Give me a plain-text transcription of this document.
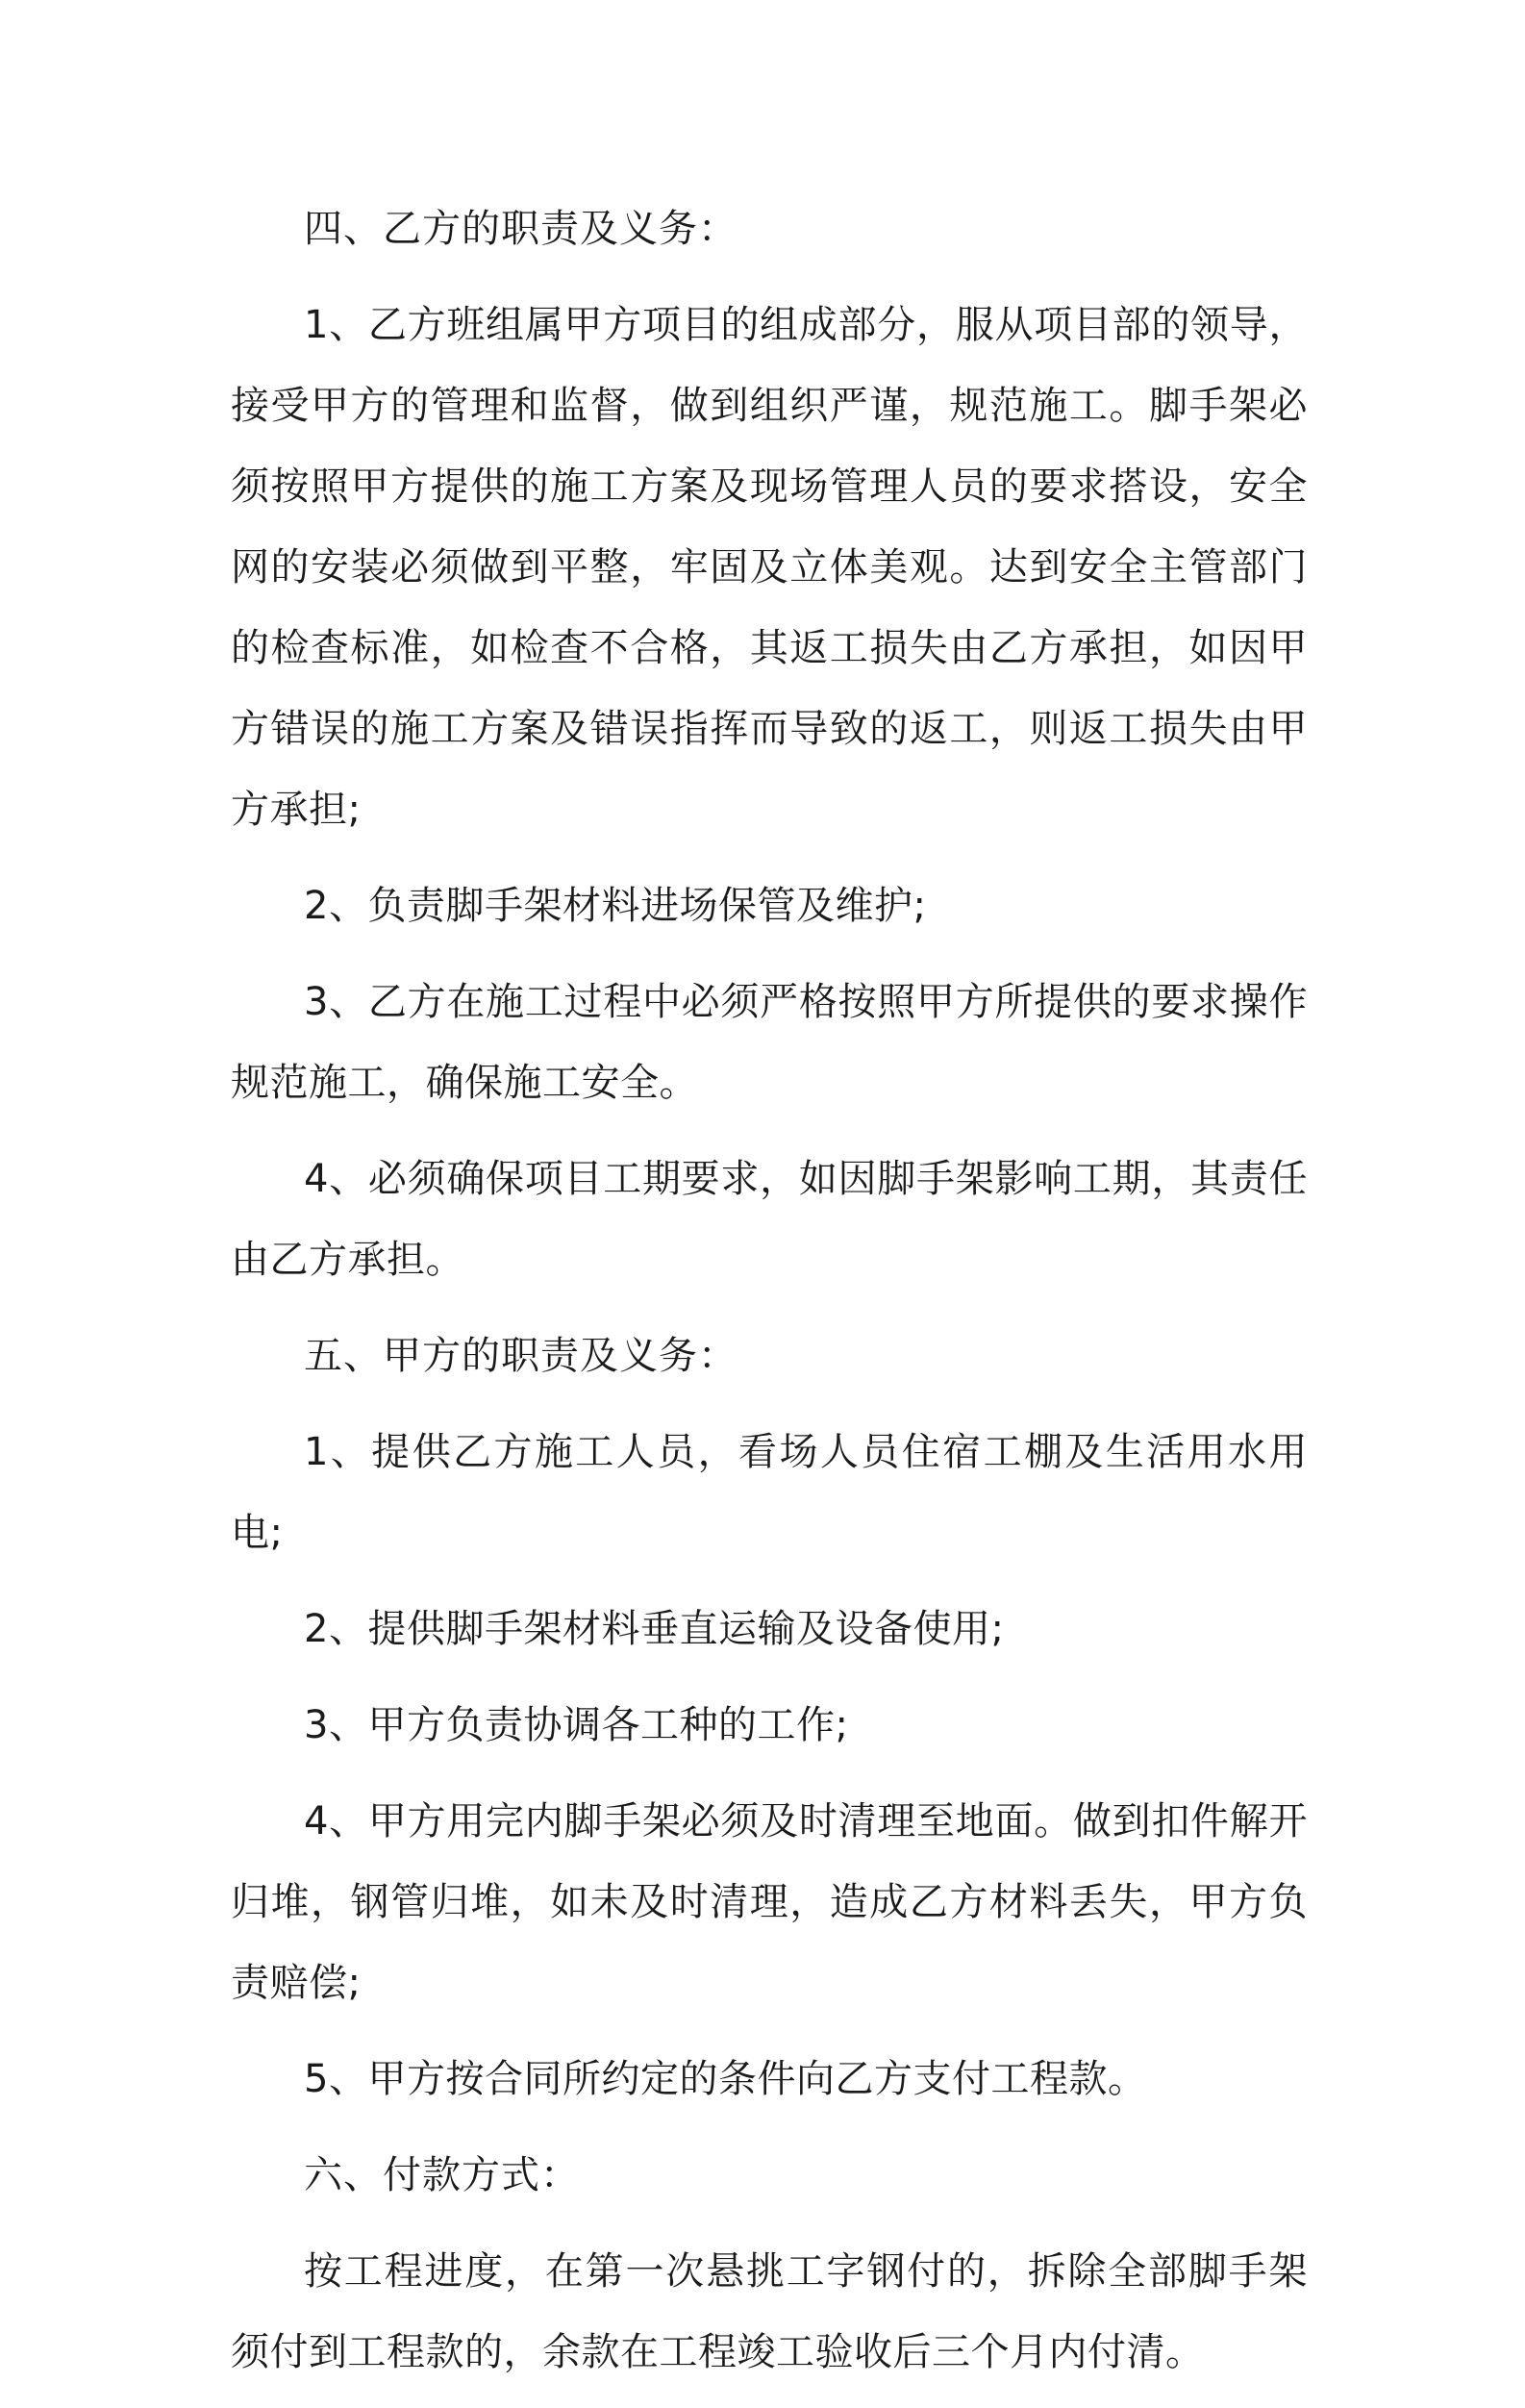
四、乙方的职责及义务：

1、乙方班组属甲方项目的组成部分，服从项目部的领导，接受甲方的管理和监督，做到组织严谨，规范施工。脚手架必须按照甲方提供的施工方案及现场管理人员的要求搭设，安全网的安装必须做到平整，牢固及立体美观。达到安全主管部门的检查标准，如检查不合格，其返工损失由乙方承担，如因甲方错误的施工方案及错误指挥而导致的返工，则返工损失由甲方承担;

2、负责脚手架材料进场保管及维护;

3、乙方在施工过程中必须严格按照甲方所提供的要求操作规范施工，确保施工安全。

4、必须确保项目工期要求，如因脚手架影响工期，其责任由乙方承担。

五、甲方的职责及义务：

1、提供乙方施工人员，看场人员住宿工棚及生活用水用电;

2、提供脚手架材料垂直运输及设备使用;

3、甲方负责协调各工种的工作;

4、甲方用完内脚手架必须及时清理至地面。做到扣件解开归堆，钢管归堆，如未及时清理，造成乙方材料丢失，甲方负责赔偿;

5、甲方按合同所约定的条件向乙方支付工程款。

六、付款方式：

按工程进度，在第一次悬挑工字钢付的，拆除全部脚手架须付到工程款的，余款在工程竣工验收后三个月内付清。
